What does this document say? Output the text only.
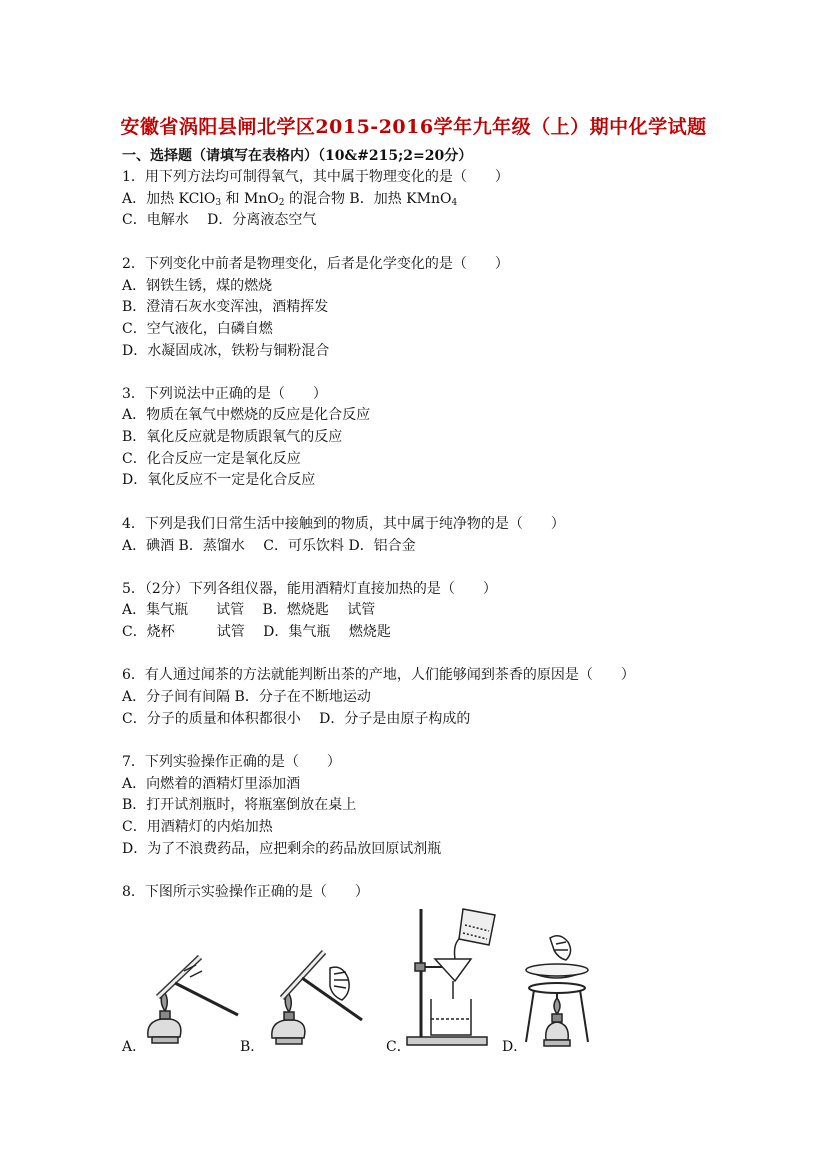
安徽省涡阳县闸北学区2015-2016学年九年级（上）期中化学试题
一、选择题（请填写在表格内）（10&#215;2=20分）
1．用下列方法均可制得氧气，其中属于物理变化的是（　　）
A．加热 KClO$_3$ 和 MnO$_2$ 的混合物 B．加热 KMnO$_4$
C．电解水　 D．分离液态空气
2．下列变化中前者是物理变化，后者是化学变化的是（　　）
A．钢铁生锈，煤的燃烧
B．澄清石灰水变浑浊，酒精挥发
C．空气液化，白磷自燃
D．水凝固成冰，铁粉与铜粉混合
3．下列说法中正确的是（　　）
A．物质在氧气中燃烧的反应是化合反应
B．氧化反应就是物质跟氧气的反应
C．化合反应一定是氧化反应
D．氧化反应不一定是化合反应
4．下列是我们日常生活中接触到的物质，其中属于纯净物的是（　　）
A．碘酒 B．蒸馏水　 C．可乐饮料 D．铝合金
5．（2分）下列各组仪器，能用酒精灯直接加热的是（　　）
A．集气瓶　　试管　 B．燃烧匙　 试管
C．烧杯　　　试管　 D．集气瓶　 燃烧匙
6．有人通过闻茶的方法就能判断出茶的产地，人们能够闻到茶香的原因是（　　）
A．分子间有间隔 B．分子在不断地运动
C．分子的质量和体积都很小　 D．分子是由原子构成的
7．下列实验操作正确的是（　　）
A．向燃着的酒精灯里添加酒
B．打开试剂瓶时，将瓶塞倒放在桌上
C．用酒精灯的内焰加热
D．为了不浪费药品，应把剩余的药品放回原试剂瓶
8．下图所示实验操作正确的是（　　）
A．	B．	C．	D．
